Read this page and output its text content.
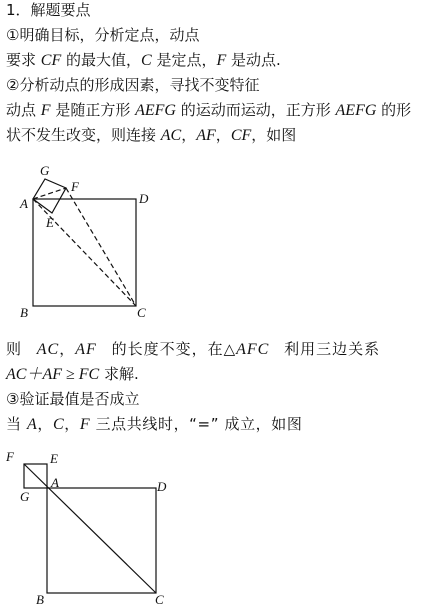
1．解题要点
①明确目标，分析定点，动点
要求 CF 的最大值，C 是定点，F 是动点.
②分析动点的形成因素，寻找不变特征
动点 F 是随正方形 AEFG 的运动而运动，正方形 AEFG 的形
状不发生改变，则连接 AC，AF，CF，如图
G
F
A
E
D
B	C
则 AC，AF 的长度不变，在△AFC 利用三边关系
AC＋AF ≥ FC 求解.
③验证最值是否成立
当 A，C，F 三点共线时，“=” 成立，如图
F	E
G
A	D
B	C
